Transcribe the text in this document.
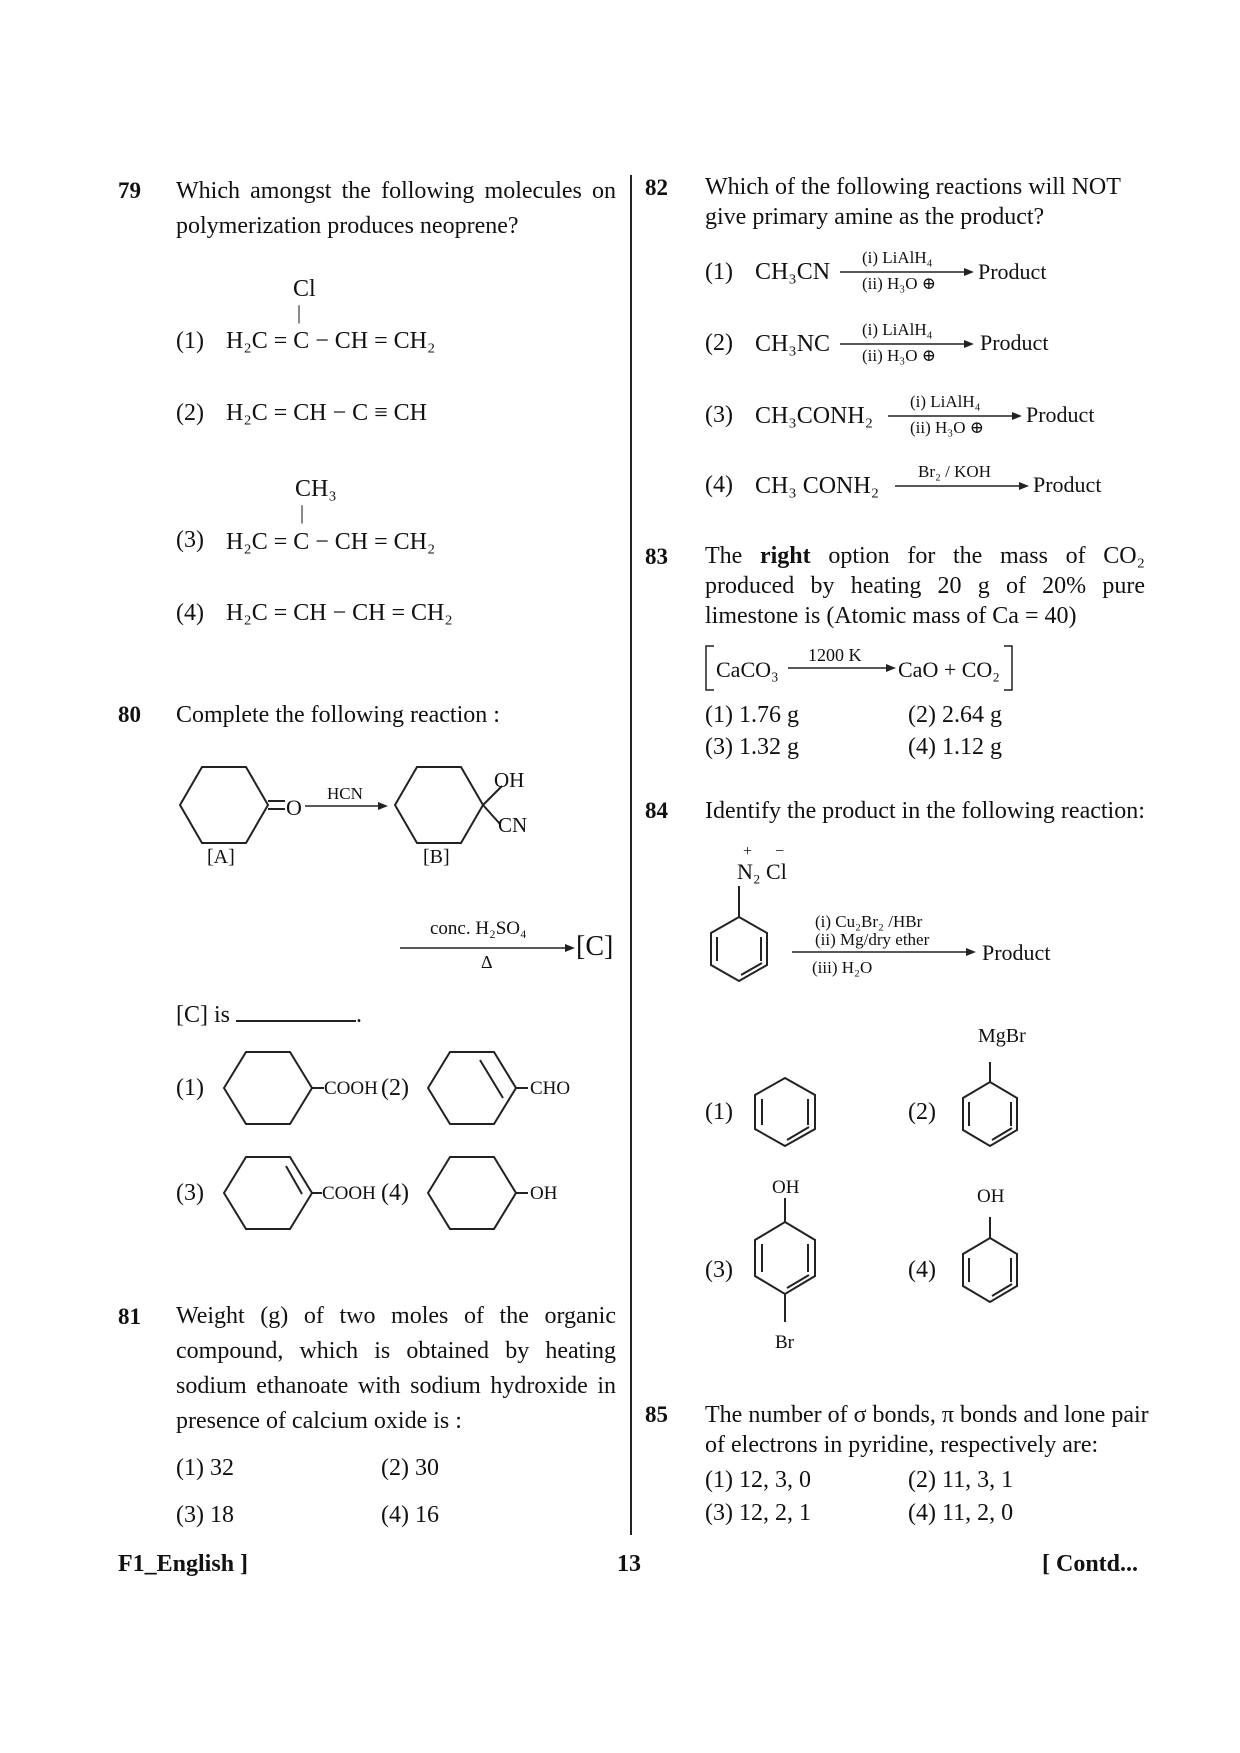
79 Which amongst the following molecules on polymerization produces neoprene?
(1)
Cl
|
H₂C = C − CH = CH₂
(2) H₂C = CH − C ≡ CH
(3)
CH₃
|
H₂C = C − CH = CH₂
(4) H₂C = CH − CH = CH₂
80 Complete the following reaction :
O
HCN
[A]	[B]
OH
CN
conc. H₂SO₄
Δ	[C]
[C] is	.
(1)	COOH (2)	CHO
(3)	COOH (4)	OH
81 Weight (g) of two moles of the organic compound, which is obtained by heating sodium ethanoate with sodium hydroxide in presence of calcium oxide is :
(1) 32	(2) 30
(3) 18	(4) 16
82 Which of the following reactions will NOT give primary amine as the product?
(1) CH₃CN
(i) LiAlH₄
(ii) H₃O ⊕ Product
(2) CH₃NC
(i) LiAlH₄
(ii) H₃O ⊕
Product
(3) CH₃CONH₂
(i) LiAlH₄
(ii) H₃O ⊕
Product
(4) CH₃ CONH₂
Br₂ / KOH
Product
83 The right option for the mass of CO₂ produced by heating 20 g of 20% pure limestone is (Atomic mass of Ca = 40)
CaCO₃
1200 K
CaO + CO₂
(1) 1.76 g	(2) 2.64 g
(3) 1.32 g	(4) 1.12 g
84 Identify the product in the following reaction:
+ −
N₂ Cl
(i) Cu₂Br₂ /HBr
(ii) Mg/dry ether
(iii) H₂O
Product
(1)	(2)
MgBr
(3)
OH
Br
(4)
OH
85 The number of σ bonds, π bonds and lone pair of electrons in pyridine, respectively are:
(1) 12, 3, 0	(2) 11, 3, 1
(3) 12, 2, 1	(4) 11, 2, 0
F1_English ]	13	[ Contd...
